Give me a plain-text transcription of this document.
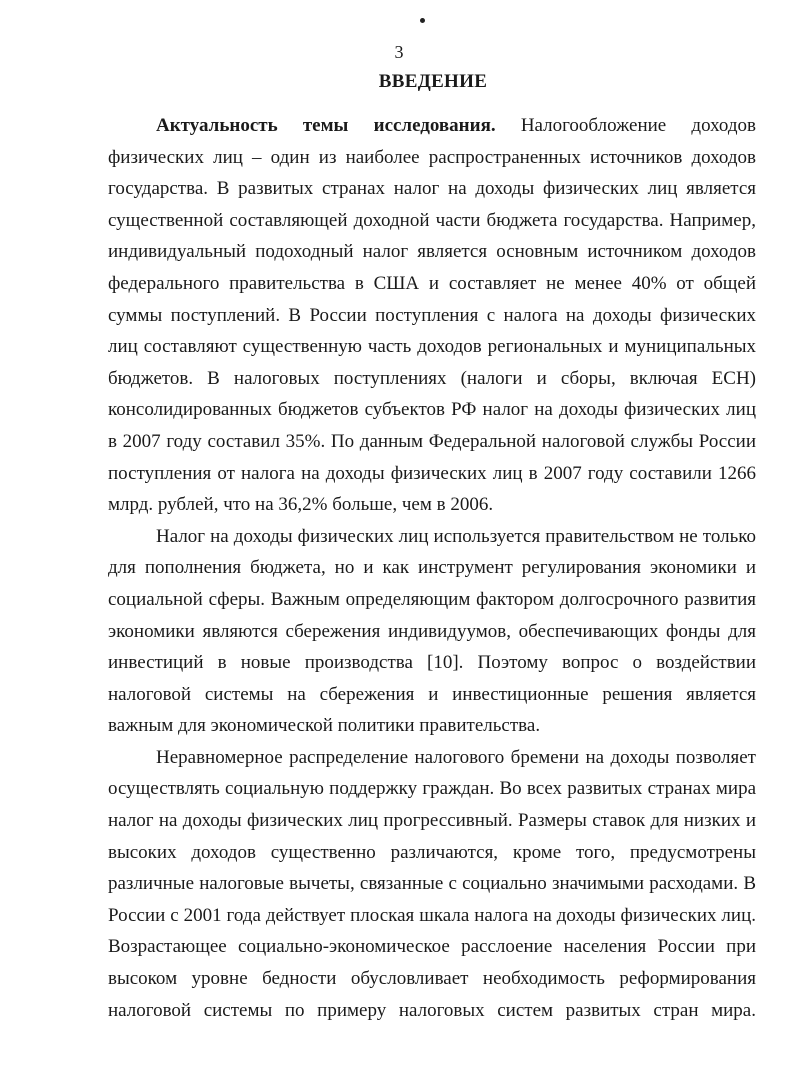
3
ВВЕДЕНИЕ

Актуальность темы исследования. Налогообложение доходов физических лиц – один из наиболее распространенных источников доходов государства. В развитых странах налог на доходы физических лиц является существенной составляющей доходной части бюджета государства. Например, индивидуальный подоходный налог является основным источником доходов федерального правительства в США и составляет не менее 40% от общей суммы поступлений. В России поступления с налога на доходы физических лиц составляют существенную часть доходов региональных и муниципальных бюджетов. В налоговых поступлениях (налоги и сборы, включая ЕСН) консолидированных бюджетов субъектов РФ налог на доходы физических лиц в 2007 году составил 35%. По данным Федеральной налоговой службы России поступления от налога на доходы физических лиц в 2007 году составили 1266 млрд. рублей, что на 36,2% больше, чем в 2006.

Налог на доходы физических лиц используется правительством не только для пополнения бюджета, но и как инструмент регулирования экономики и социальной сферы. Важным определяющим фактором долгосрочного развития экономики являются сбережения индивидуумов, обеспечивающих фонды для инвестиций в новые производства [10]. Поэтому вопрос о воздействии налоговой системы на сбережения и инвестиционные решения является важным для экономической политики правительства.

Неравномерное распределение налогового бремени на доходы позволяет осуществлять социальную поддержку граждан. Во всех развитых странах мира налог на доходы физических лиц прогрессивный. Размеры ставок для низких и высоких доходов существенно различаются, кроме того, предусмотрены различные налоговые вычеты, связанные с социально значимыми расходами. В России с 2001 года действует плоская шкала налога на доходы физических лиц. Возрастающее социально-экономическое расслоение населения России при высоком уровне бедности обусловливает необходимость реформирования налоговой системы по примеру налоговых систем развитых стран мира.
